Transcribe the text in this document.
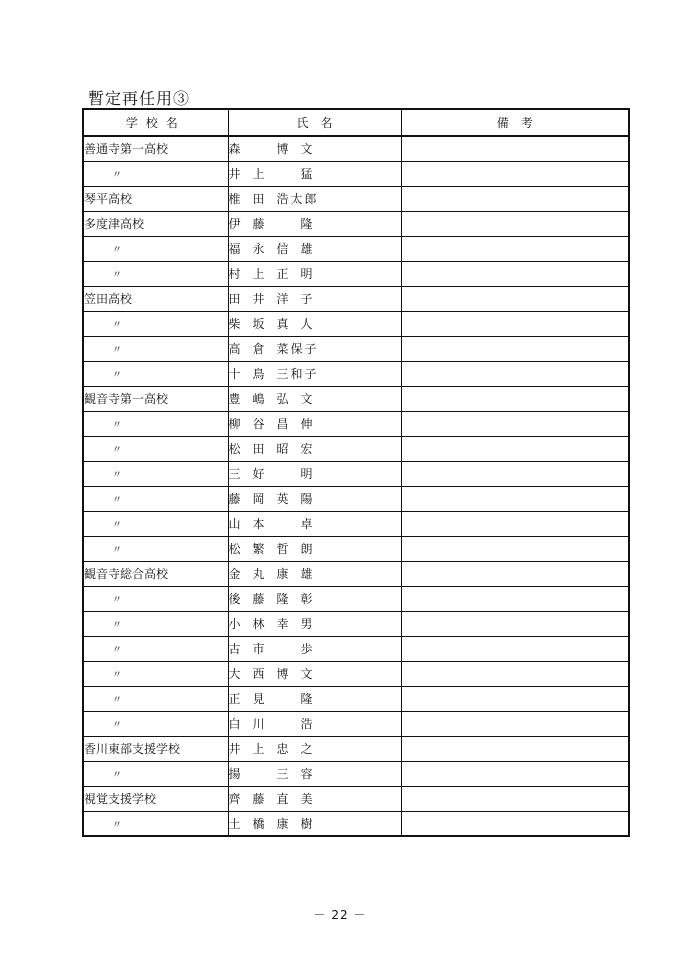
暫定再任用③
学校名	氏　名	備　考
善通寺第一高校	森 博 文	
〃	井 上 猛	
琴平高校	椎 田 浩太郎	
多度津高校	伊 藤 隆	
〃	福 永 信 雄	
〃	村 上 正 明	
笠田高校	田 井 洋 子	
〃	柴 坂 真 人	
〃	高 倉 菜保子	
〃	十 鳥 三和子	
観音寺第一高校	豊 嶋 弘 文	
〃	柳 谷 昌 伸	
〃	松 田 昭 宏	
〃	三 好 明	
〃	藤 岡 英 陽	
〃	山 本 卓	
〃	松 繁 哲 朗	
観音寺総合高校	金 丸 康 雄	
〃	後 藤 隆 彰	
〃	小 林 幸 男	
〃	古 市 歩	
〃	大 西 博 文	
〃	正 見 隆	
〃	白 川 浩	
香川東部支援学校	井 上 忠 之	
〃	揚 三 容	
視覚支援学校	齊 藤 直 美	
〃	土 橋 康 樹	
－ 22 －
